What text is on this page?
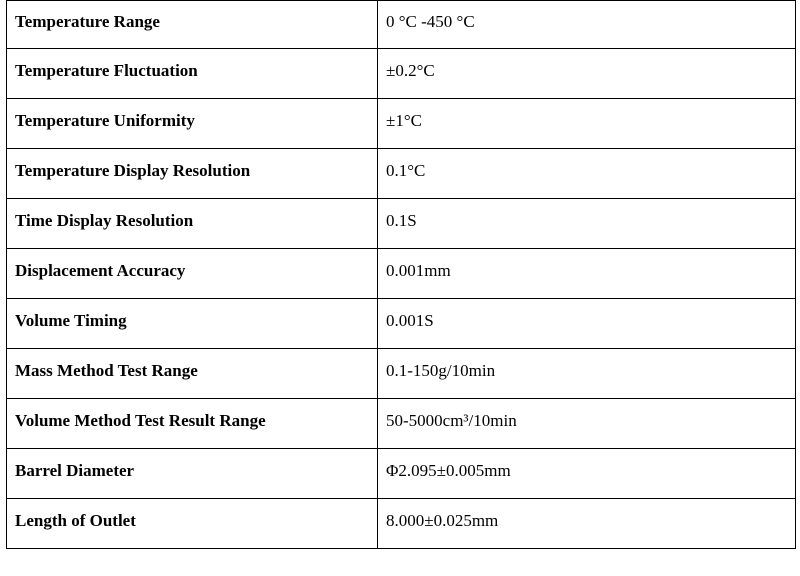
Temperature Range	0 °C -450 °C
Temperature Fluctuation	±0.2°C
Temperature Uniformity	±1°C
Temperature Display Resolution	0.1°C
Time Display Resolution	0.1S
Displacement Accuracy	0.001mm
Volume Timing	0.001S
Mass Method Test Range	0.1-150g/10min
Volume Method Test Result Range	50-5000cm³/10min
Barrel Diameter	Φ2.095±0.005mm
Length of Outlet	8.000±0.025mm
